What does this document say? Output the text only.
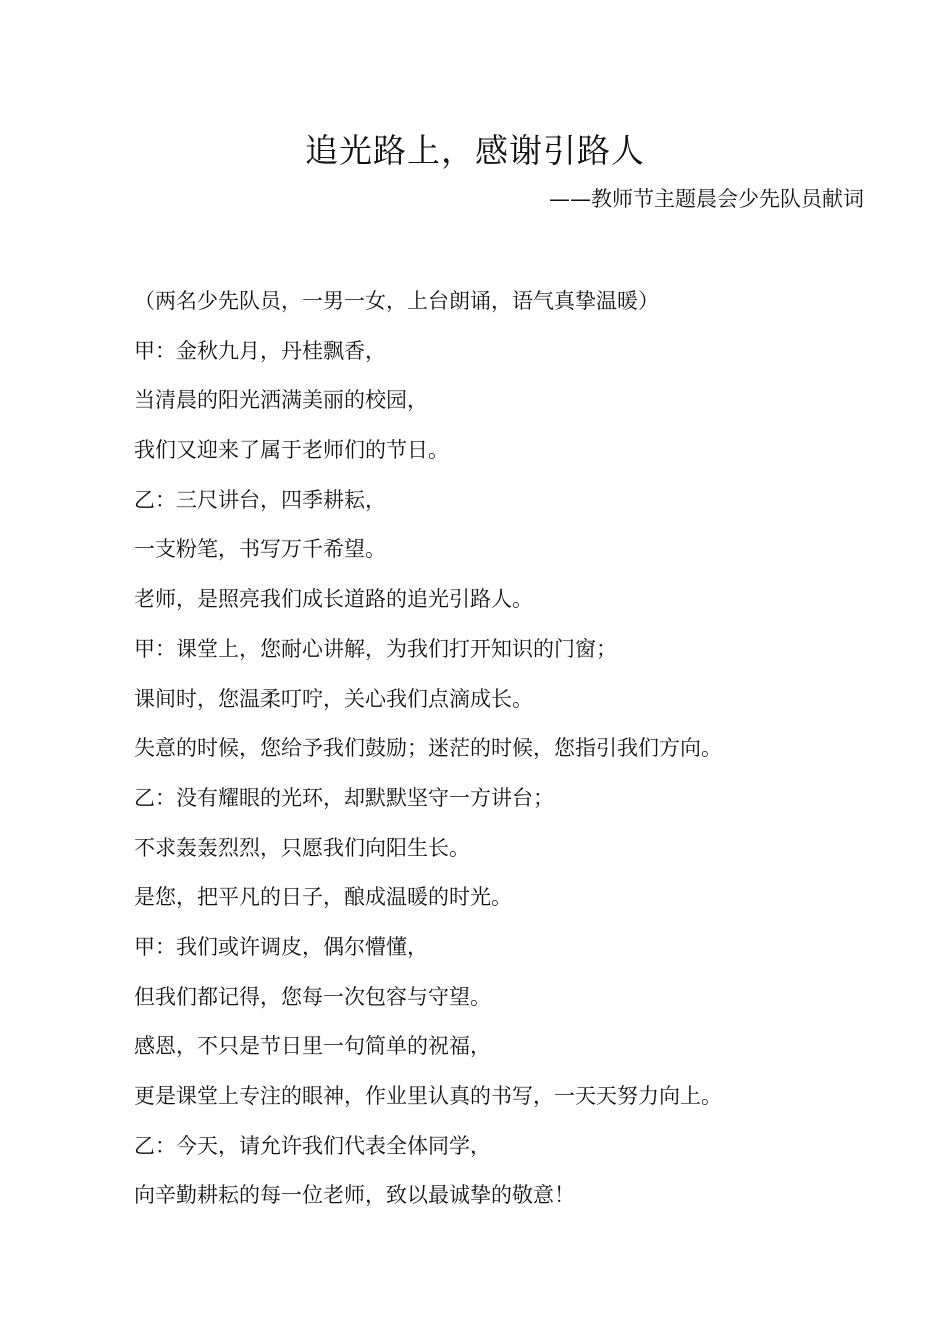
追光路上，感谢引路人
——教师节主题晨会少先队员献词
（两名少先队员，一男一女，上台朗诵，语气真挚温暖）
甲：金秋九月，丹桂飘香，
当清晨的阳光洒满美丽的校园，
我们又迎来了属于老师们的节日。
乙：三尺讲台，四季耕耘，
一支粉笔，书写万千希望。
老师，是照亮我们成长道路的追光引路人。
甲：课堂上，您耐心讲解，为我们打开知识的门窗；
课间时，您温柔叮咛，关心我们点滴成长。
失意的时候，您给予我们鼓励；迷茫的时候，您指引我们方向。
乙：没有耀眼的光环，却默默坚守一方讲台；
不求轰轰烈烈，只愿我们向阳生长。
是您，把平凡的日子，酿成温暖的时光。
甲：我们或许调皮，偶尔懵懂，
但我们都记得，您每一次包容与守望。
感恩，不只是节日里一句简单的祝福，
更是课堂上专注的眼神，作业里认真的书写，一天天努力向上。
乙：今天，请允许我们代表全体同学，
向辛勤耕耘的每一位老师，致以最诚挚的敬意！
